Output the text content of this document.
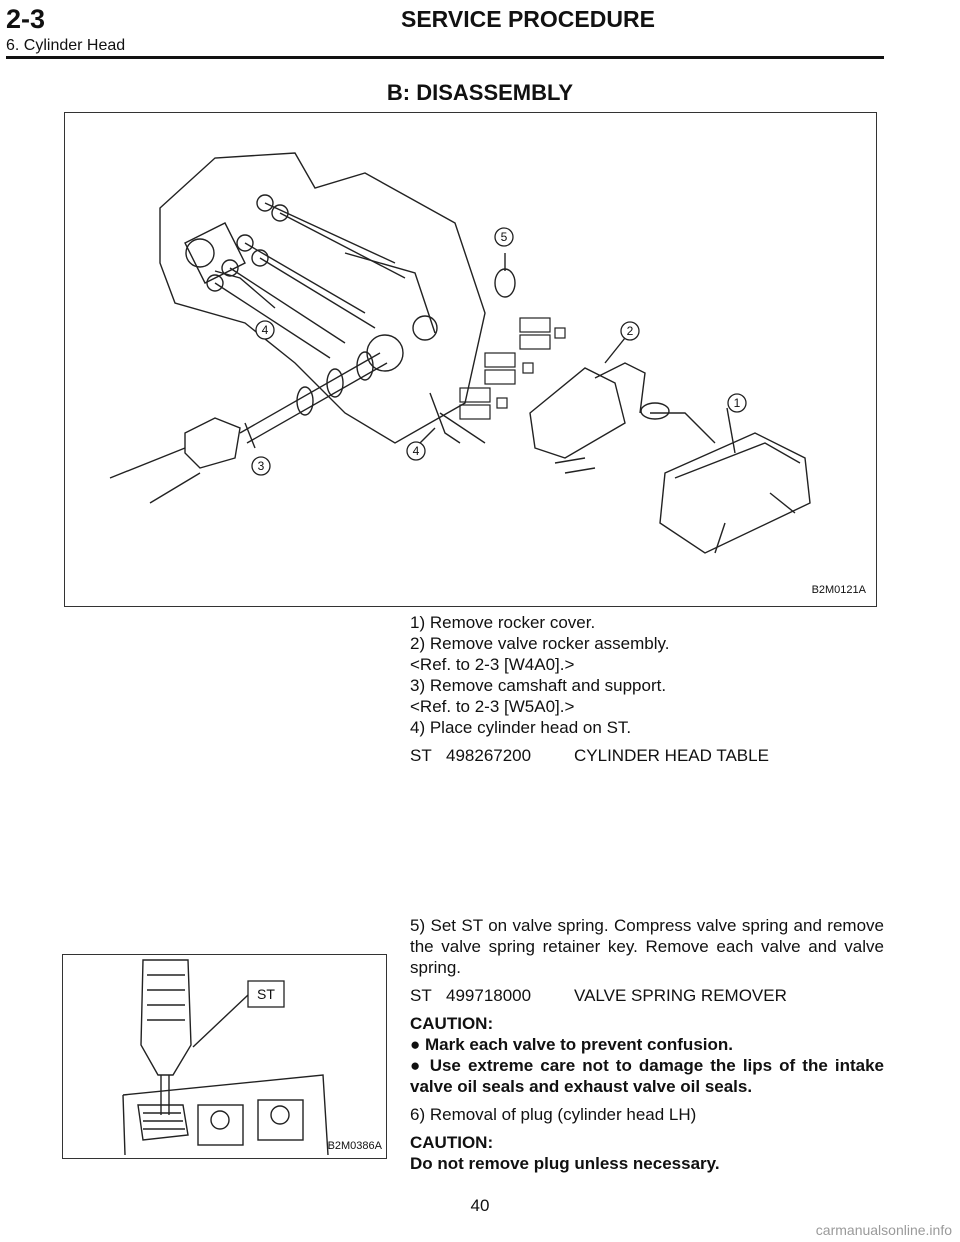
2-3	SERVICE PROCEDURE
6. Cylinder Head
B: DISASSEMBLY
1
2
3
4
5
4
B2M0121A
1) Remove rocker cover.
2) Remove valve rocker assembly.
<Ref. to 2-3 [W4A0].>
3) Remove camshaft and support.
<Ref. to 2-3 [W5A0].>
4) Place cylinder head on ST.
ST 498267200	CYLINDER HEAD TABLE
ST
B2M0386A
5) Set ST on valve spring. Compress valve spring and remove the valve spring retainer key. Remove each valve and valve spring.
ST 499718000	VALVE SPRING REMOVER
CAUTION:
● Mark each valve to prevent confusion.
● Use extreme care not to damage the lips of the intake valve oil seals and exhaust valve oil seals.
6) Removal of plug (cylinder head LH)
CAUTION:
Do not remove plug unless necessary.
40
carmanualsonline.info
